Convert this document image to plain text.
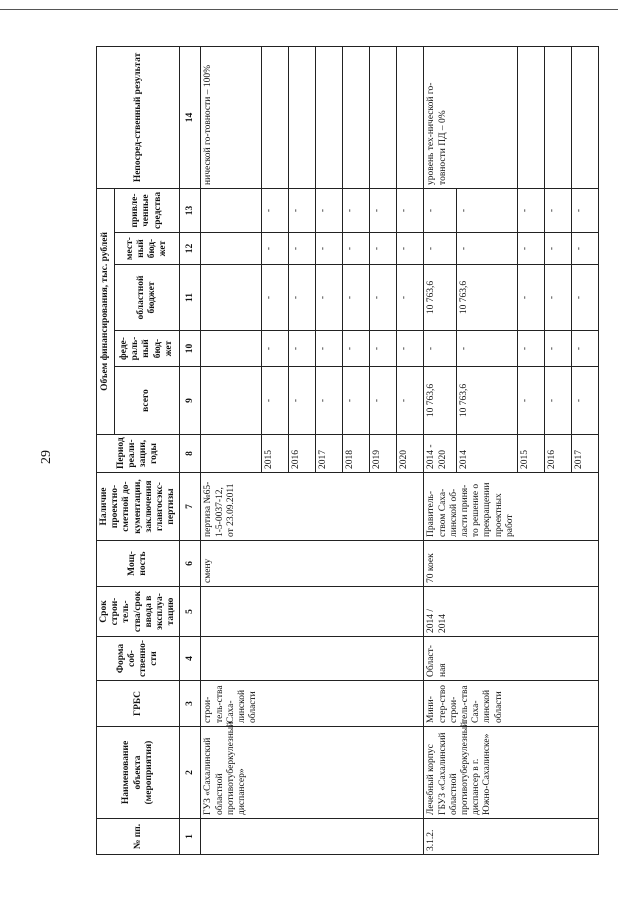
29
№ пп.	Наименование объекта (мероприятия)	ГРБС	Форма соб-ственно-сти	Срок строи-тель-ства/срок ввода в эксплуа-тацию	Мощ-ность	Наличие проектно-сметной до-кументации, заключения главгосэкс-пертизы	Период реали-зации, годы	Объем финансирования, тыс. рублей					Непосред-ственный результат
								всего	феде-раль-ный бюд-жет	областной бюджет	мест-ный бюд-жет	привле-ченные средства	
1	2	3	4	5	6	7	8	9	10	11	12	13	14
	ГУЗ «Сахалинский областной противотуберкулезный диспансер»	строи-тель-ства Саха-линской области			смену	пертиза №65-1-5-0037-12, от 23.09.2011							нической го-товности – 100%
							2015	-	-	-	-	-	
							2016	-	-	-	-	-	
							2017	-	-	-	-	-	
							2018	-	-	-	-	-	
							2019	-	-	-	-	-	
							2020	-	-	-	-	-	
3.1.2.	Лечебный корпус ГБУЗ «Сахалинский областной противотуберкулезный диспансер в г. Южно-Сахалинске»	Мини-стер-ство строи-тель-ства Саха-линской области	Област-ная	2014 / 2014	70 коек	Правитель-ством Саха-линской об-ласти приня-то решение о прекращении проектных работ	2014 - 2020	10 763,6	-	10 763,6	-	-	уровень тех-нической го-товности ПД – 0%
							2014	10 763,6	-	10 763,6	-	-	
							2015	-	-	-	-	-	
							2016	-	-	-	-	-	
							2017	-	-	-	-	-	
